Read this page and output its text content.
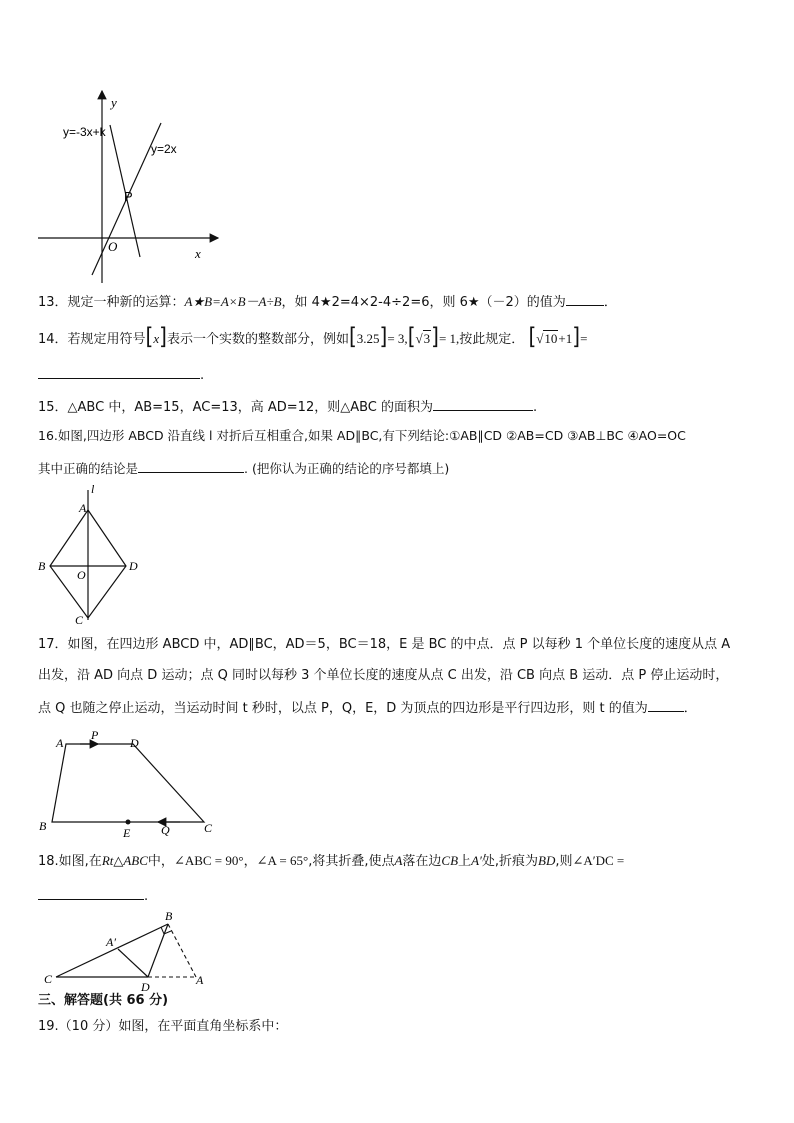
y
x
O
y=-3x+k
y=2x
P
13．规定一种新的运算：A★B=A×B－A÷B，如 4★2=4×2-4÷2=6，则 6★（－2）的值为	．
14．若规定用符号[x]表示一个实数的整数部分，例如[3.25]= 3,[√3]= 1,按此规定． [√10+1]=
.
15．△ABC 中，AB=15，AC=13，高 AD=12，则△ABC 的面积为	.
16.如图,四边形 ABCD 沿直线 l 对折后互相重合,如果 AD∥BC,有下列结论:①AB∥CD ②AB=CD ③AB⊥BC ④AO=OC
其中正确的结论是	. (把你认为正确的结论的序号都填上)
l
A
B	D
O
C
17．如图，在四边形 ABCD 中，AD∥BC，AD＝5，BC＝18，E 是 BC 的中点．点 P 以每秒 1 个单位长度的速度从点 A
出发，沿 AD 向点 D 运动；点 Q 同时以每秒 3 个单位长度的速度从点 C 出发，沿 CB 向点 B 运动．点 P 停止运动时，
点 Q 也随之停止运动，当运动时间 t 秒时，以点 P，Q，E，D 为顶点的四边形是平行四边形，则 t 的值为	．
A
P
D
B	E	Q	C
18.如图,在Rt△ABC中，∠ABC = 90°，∠A = 65°,将其折叠,使点A落在边CB上A′处,折痕为BD,则∠A′DC =
.
B
A′
C
D	A
三、解答题(共 66 分)
19.（10 分）如图，在平面直角坐标系中：
